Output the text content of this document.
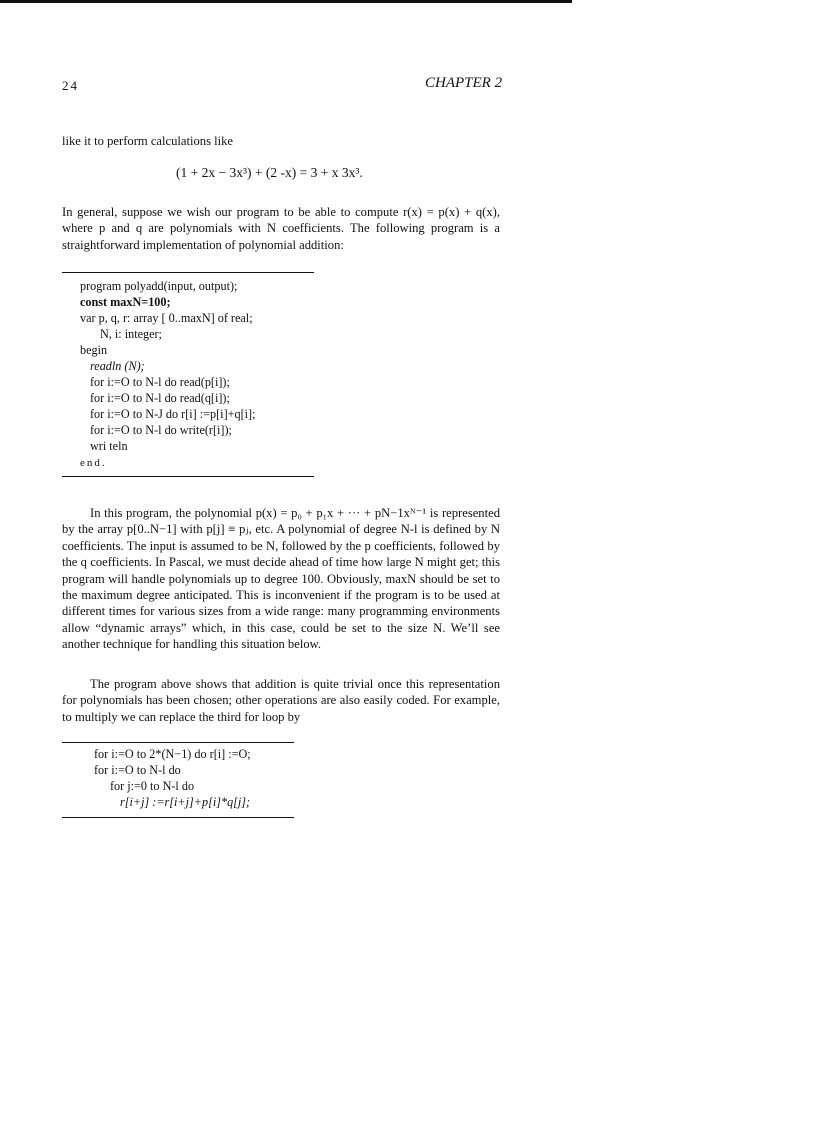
24	CHAPTER 2
like it to perform calculations like
(1 + 2x − 3x³) + (2 -x) = 3 + x 3x³.
In general, suppose we wish our program to be able to compute r(x) = p(x) + q(x), where p and q are polynomials with N coefficients. The following program is a straightforward implementation of polynomial addition:
program polyadd(input, output);
const maxN=100;
var p, q, r: array [ 0..maxN] of real;
N, i: integer;
begin
readln (N);
for i:=O to N-l do read(p[i]);
for i:=O to N-l do read(q[i]);
for i:=O to N-J do r[i] :=p[i]+q[i];
for i:=O to N-l do write(r[i]);
wri teln
end.

In this program, the polynomial p(x) = p₀ + p₁x + ··· + pN−1xᴺ⁻¹ is represented by the array p[0..N−1] with p[j] ≡ pⱼ, etc. A polynomial of degree N-l is defined by N coefficients. The input is assumed to be N, followed by the p coefficients, followed by the q coefficients. In Pascal, we must decide ahead of time how large N might get; this program will handle polynomials up to degree 100. Obviously, maxN should be set to the maximum degree anticipated. This is inconvenient if the program is to be used at different times for various sizes from a wide range: many programming environments allow “dynamic arrays” which, in this case, could be set to the size N. We’ll see another technique for handling this situation below.

The program above shows that addition is quite trivial once this representation for polynomials has been chosen; other operations are also easily coded. For example, to multiply we can replace the third for loop by

for i:=O to 2*(N−1) do r[i] :=O;
for i:=O to N-l do
for j:=0 to N-l do
r[i+j] :=r[i+j]+p[i]*q[j];
